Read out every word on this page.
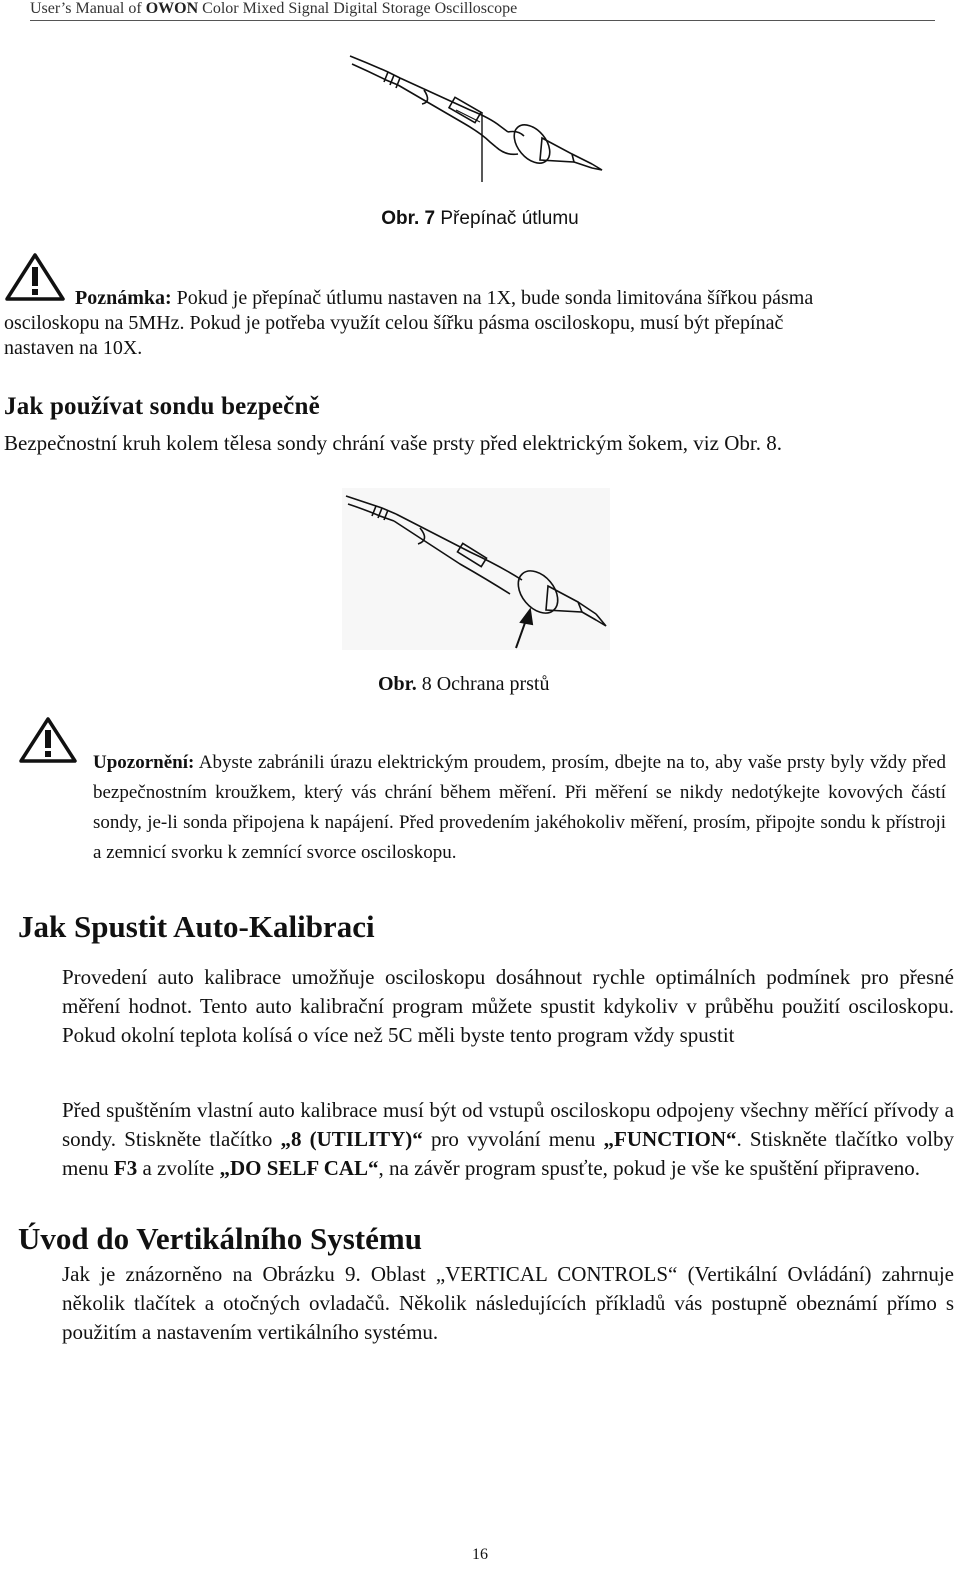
User’s Manual of OWON Color Mixed Signal Digital Storage Oscilloscope
Obr. 7 Přepínač útlumu
Poznámka: Pokud je přepínač útlumu nastaven na 1X, bude sonda limitována šířkou pásma
osciloskopu na 5MHz. Pokud je potřeba využít celou šířku pásma osciloskopu, musí být přepínač
nastaven na 10X.
Jak používat sondu bezpečně
Bezpečnostní kruh kolem tělesa sondy chrání vaše prsty před elektrickým šokem, viz Obr. 8.
Obr. 8 Ochrana prstů
Upozornění: Abyste zabránili úrazu elektrickým proudem, prosím, dbejte na to, aby vaše prsty byly vždy před bezpečnostním kroužkem, který vás chrání během měření. Při měření se nikdy nedotýkejte kovových částí sondy, je-li sonda připojena k napájení. Před provedením jakéhokoliv měření, prosím, připojte sondu k přístroji a zemnicí svorku k zemnící svorce osciloskopu.
Jak Spustit Auto-Kalibraci
Provedení auto kalibrace umožňuje osciloskopu dosáhnout rychle optimálních podmínek pro přesné měření hodnot. Tento auto kalibrační program můžete spustit kdykoliv v průběhu použití osciloskopu. Pokud okolní teplota kolísá o více než 5C měli byste tento program vždy spustit
Před spuštěním vlastní auto kalibrace musí být od vstupů osciloskopu odpojeny všechny měřící přívody a sondy. Stiskněte tlačítko „8 (UTILITY)“ pro vyvolání menu „FUNCTION“. Stiskněte tlačítko volby menu F3 a zvolíte „DO SELF CAL“, na závěr program spusťte, pokud je vše ke spuštění připraveno.
Úvod do Vertikálního Systému
Jak je znázorněno na Obrázku 9. Oblast „VERTICAL CONTROLS“ (Vertikální Ovládání) zahrnuje několik tlačítek a otočných ovladačů. Několik následujících příkladů vás postupně obeznámí přímo s použitím a nastavením vertikálního systému.
16
